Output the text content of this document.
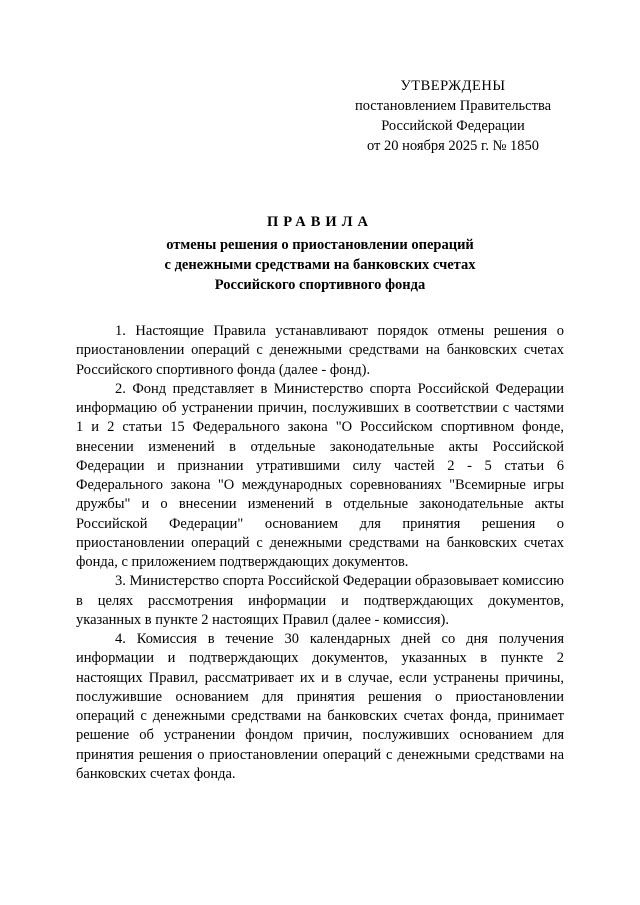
УТВЕРЖДЕНЫ
постановлением Правительства
Российской Федерации
от 20 ноября 2025 г. № 1850
ПРАВИЛА
отмены решения о приостановлении операций
с денежными средствами на банковских счетах
Российского спортивного фонда

1. Настоящие Правила устанавливают порядок отмены решения о приостановлении операций с денежными средствами на банковских счетах Российского спортивного фонда (далее - фонд).

2. Фонд представляет в Министерство спорта Российской Федерации информацию об устранении причин, послуживших в соответствии с частями 1 и 2 статьи 15 Федерального закона "О Российском спортивном фонде, внесении изменений в отдельные законодательные акты Российской Федерации и признании утратившими силу частей 2 - 5 статьи 6 Федерального закона "О международных соревнованиях "Всемирные игры дружбы" и о внесении изменений в отдельные законодательные акты Российской Федерации" основанием для принятия решения о приостановлении операций с денежными средствами на банковских счетах фонда, с приложением подтверждающих документов.

3. Министерство спорта Российской Федерации образовывает комиссию в целях рассмотрения информации и подтверждающих документов, указанных в пункте 2 настоящих Правил (далее - комиссия).

4. Комиссия в течение 30 календарных дней со дня получения информации и подтверждающих документов, указанных в пункте 2 настоящих Правил, рассматривает их и в случае, если устранены причины, послужившие основанием для принятия решения о приостановлении операций с денежными средствами на банковских счетах фонда, принимает решение об устранении фондом причин, послуживших основанием для принятия решения о приостановлении операций с денежными средствами на банковских счетах фонда.
